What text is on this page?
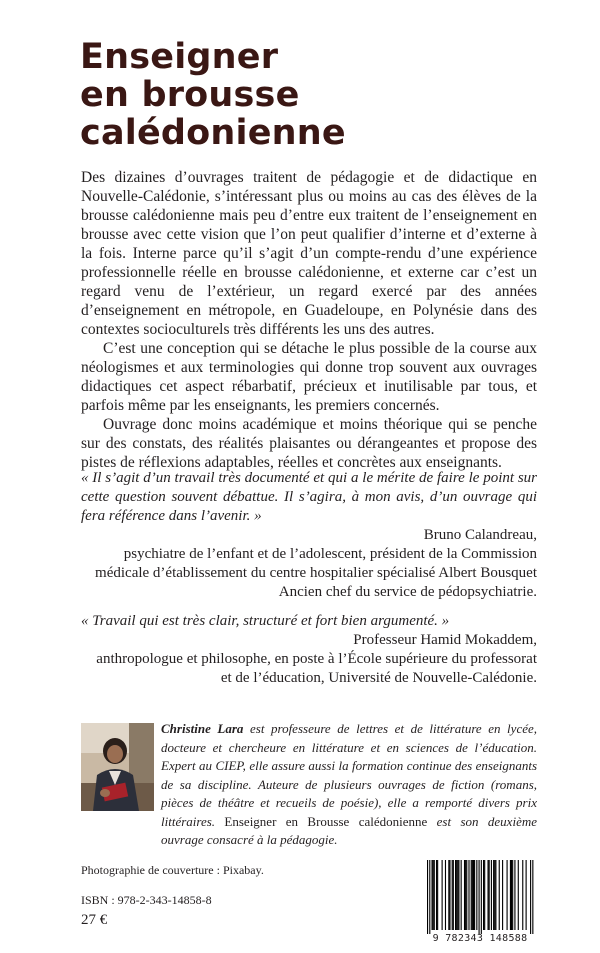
Enseigner
en brousse
calédonienne

Des dizaines d’ouvrages traitent de pédagogie et de didactique en Nouvelle-Calédonie, s’intéressant plus ou moins au cas des élèves de la brousse calédonienne mais peu d’entre eux traitent de l’enseignement en brousse avec cette vision que l’on peut qualifier d’interne et d’externe à la fois. Interne parce qu’il s’agit d’un compte-rendu d’une expérience professionnelle réelle en brousse calédonienne, et externe car c’est un regard venu de l’extérieur, un regard exercé par des années d’enseignement en métropole, en Guadeloupe, en Polynésie dans des contextes socioculturels très différents les uns des autres.

C’est une conception qui se détache le plus possible de la course aux néologismes et aux terminologies qui donne trop souvent aux ouvrages didactiques cet aspect rébarbatif, précieux et inutilisable par tous, et parfois même par les enseignants, les premiers concernés.

Ouvrage donc moins académique et moins théorique qui se penche sur des constats, des réalités plaisantes ou dérangeantes et propose des pistes de réflexions adaptables, réelles et concrètes aux enseignants.

« Il s’agit d’un travail très documenté et qui a le mérite de faire le point sur cette question souvent débattue. Il s’agira, à mon avis, d’un ouvrage qui fera référence dans l’avenir. »

Bruno Calandreau,
psychiatre de l’enfant et de l’adolescent, président de la Commission
médicale d’établissement du centre hospitalier spécialisé Albert Bousquet
Ancien chef du service de pédopsychiatrie.

« Travail qui est très clair, structuré et fort bien argumenté. »

Professeur Hamid Mokaddem,
anthropologue et philosophe, en poste à l’École supérieure du professorat
et de l’éducation, Université de Nouvelle-Calédonie.
Christine Lara est professeure de lettres et de littérature en lycée, docteure et chercheure en littérature et en sciences de l’éducation. Expert au CIEP, elle assure aussi la formation continue des enseignants de sa discipline. Auteure de plusieurs ouvrages de fiction (romans, pièces de théâtre et recueils de poésie), elle a remporté divers prix littéraires. Enseigner en Brousse calédonienne est son deuxième ouvrage consacré à la pédagogie.
Photographie de couverture : Pixabay.
ISBN : 978-2-343-14858-8
27 €
9 782343 148588
